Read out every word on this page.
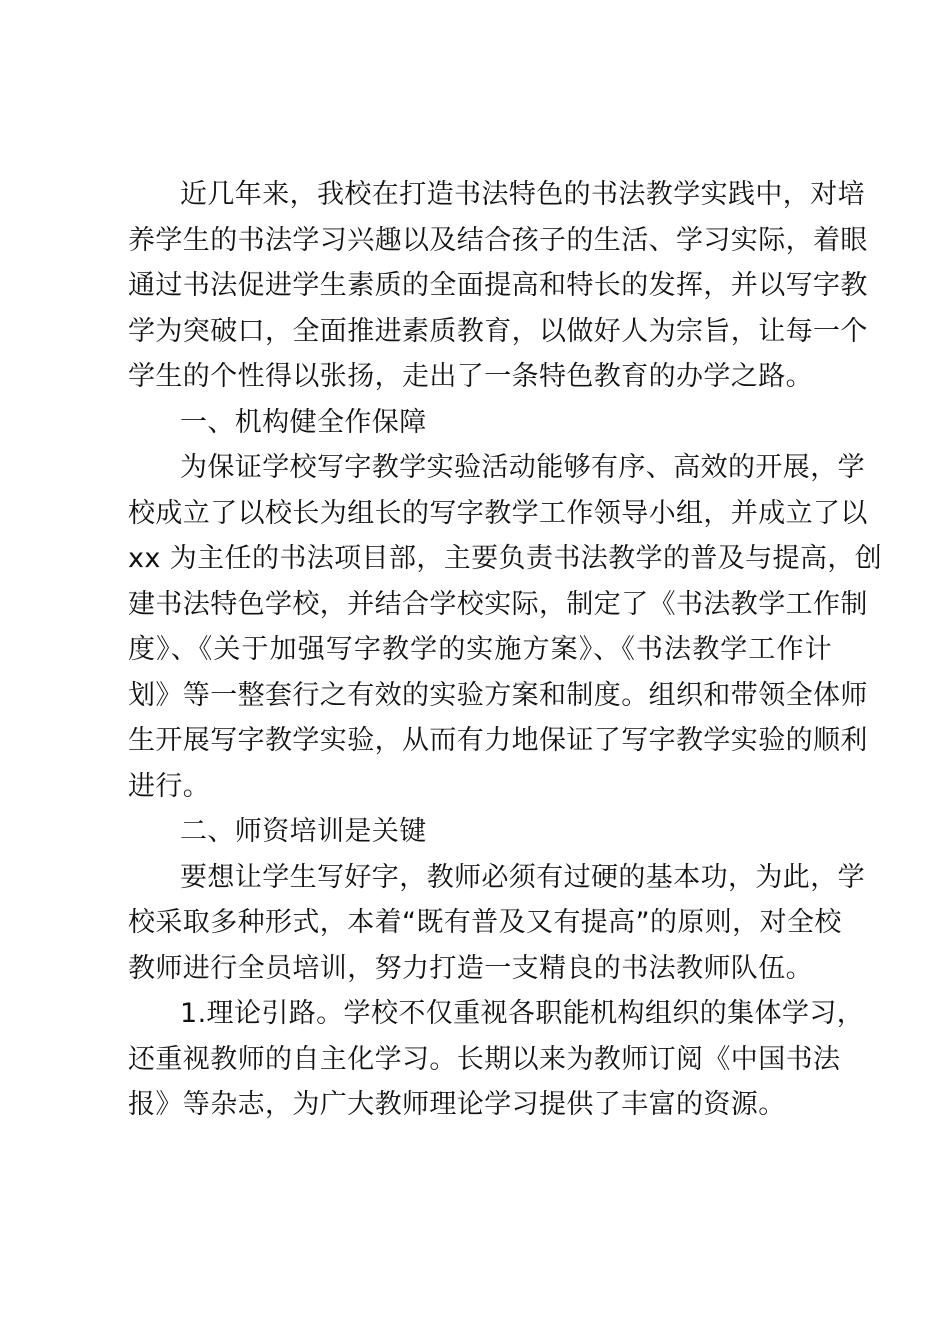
近几年来，我校在打造书法特色的书法教学实践中，对培
养学生的书法学习兴趣以及结合孩子的生活、学习实际，着眼
通过书法促进学生素质的全面提高和特长的发挥，并以写字教
学为突破口，全面推进素质教育，以做好人为宗旨，让每一个
学生的个性得以张扬，走出了一条特色教育的办学之路。
一、机构健全作保障
为保证学校写字教学实验活动能够有序、高效的开展，学
校成立了以校长为组长的写字教学工作领导小组，并成立了以
xx 为主任的书法项目部，主要负责书法教学的普及与提高，创
建书法特色学校，并结合学校实际，制定了《书法教学工作制
度》、《关于加强写字教学的实施方案》、《书法教学工作计
划》等一整套行之有效的实验方案和制度。组织和带领全体师
生开展写字教学实验，从而有力地保证了写字教学实验的顺利
进行。
二、师资培训是关键
要想让学生写好字，教师必须有过硬的基本功，为此，学
校采取多种形式，本着“既有普及又有提高”的原则，对全校
教师进行全员培训，努力打造一支精良的书法教师队伍。
1.理论引路。学校不仅重视各职能机构组织的集体学习，
还重视教师的自主化学习。长期以来为教师订阅《中国书法
报》等杂志，为广大教师理论学习提供了丰富的资源。
